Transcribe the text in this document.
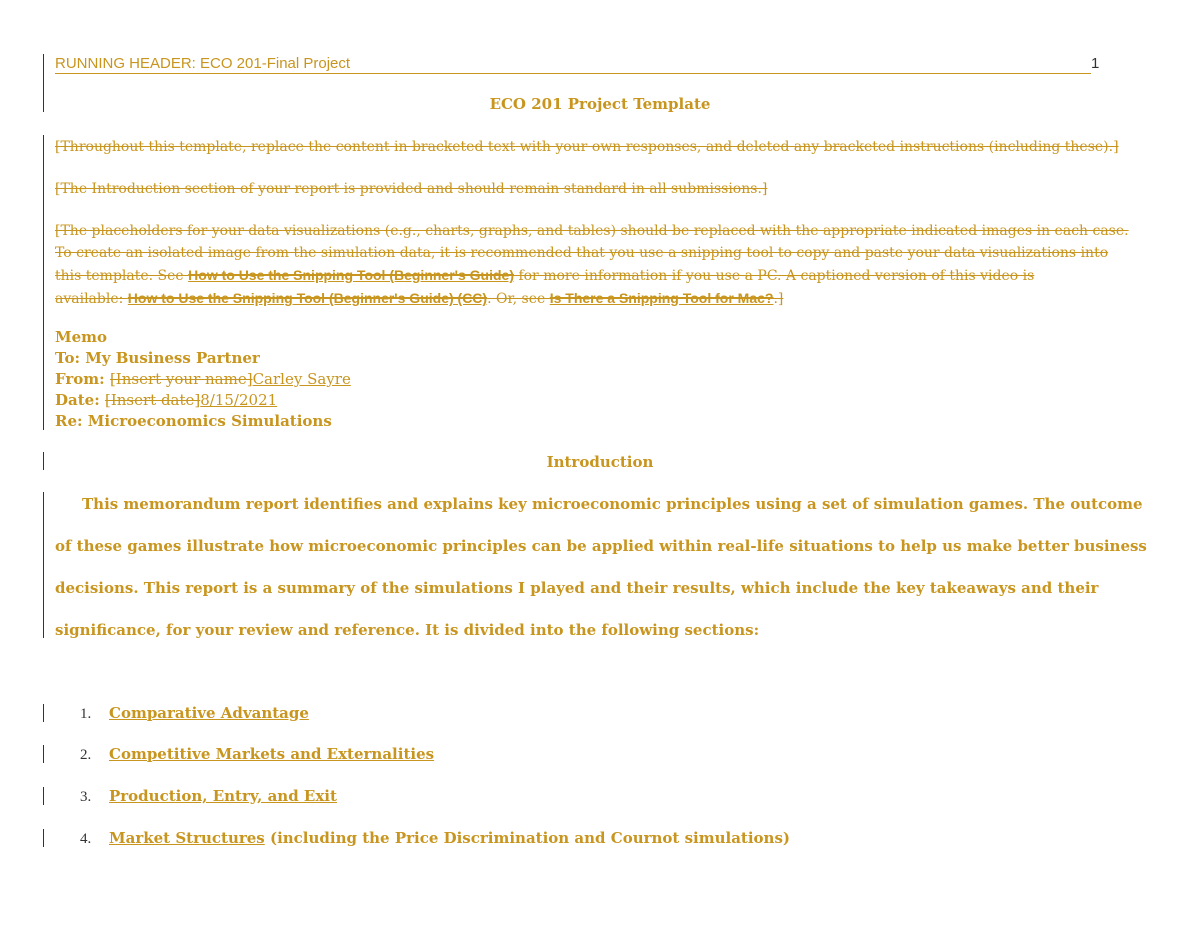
RUNNING HEADER: ECO 201-Final Project	1
ECO 201 Project Template
[Throughout this template, replace the content in bracketed text with your own responses, and deleted any bracketed instructions (including these).]
[The Introduction section of your report is provided and should remain standard in all submissions.]
[The placeholders for your data visualizations (e.g., charts, graphs, and tables) should be replaced with the appropriate indicated images in each case.
To create an isolated image from the simulation data, it is recommended that you use a snipping tool to copy and paste your data visualizations into
this template. See How to Use the Snipping Tool (Beginner's Guide) for more information if you use a PC. A captioned version of this video is
available: How to Use the Snipping Tool (Beginner's Guide) (CC). Or, see Is There a Snipping Tool for Mac?.]
Memo
To: My Business Partner
From: [Insert your name]Carley Sayre
Date: [Insert date]8/15/2021
Re: Microeconomics Simulations
Introduction
This memorandum report identifies and explains key microeconomic principles using a set of simulation games. The outcome of these games illustrate how microeconomic principles can be applied within real-life situations to help us make better business decisions. This report is a summary of the simulations I played and their results, which include the key takeaways and their significance, for your review and reference. It is divided into the following sections:
1. Comparative Advantage
2. Competitive Markets and Externalities
3. Production, Entry, and Exit
4. Market Structures (including the Price Discrimination and Cournot simulations)
